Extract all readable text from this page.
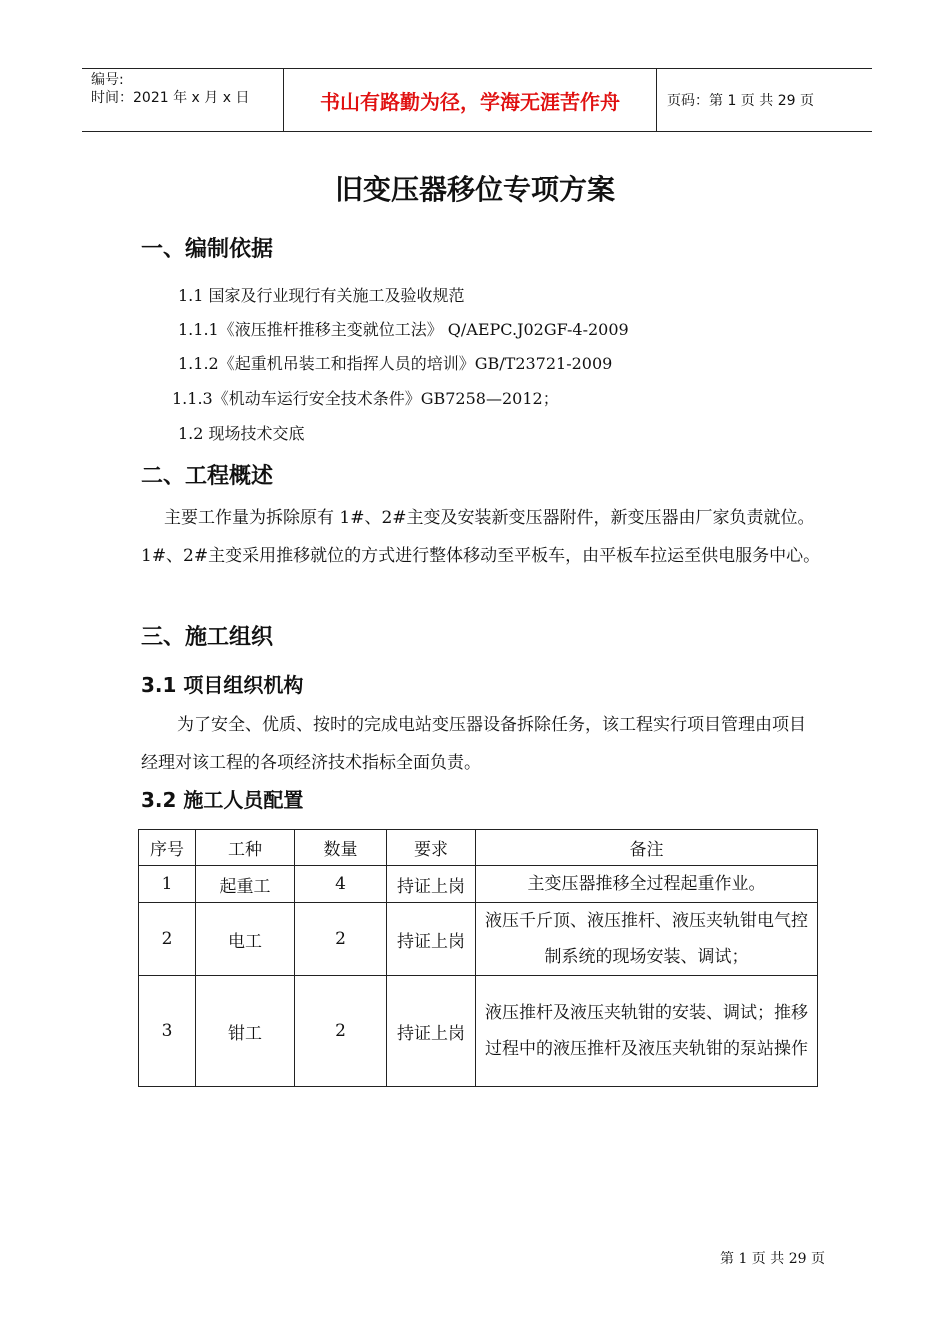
编号:
时间：2021 年 x 月 x 日	书山有路勤为径，学海无涯苦作舟	页码：第 1 页 共 29 页
旧变压器移位专项方案
一、编制依据
1.1 国家及行业现行有关施工及验收规范
1.1.1《液压推杆推移主变就位工法》 Q/AEPC.J02GF-4-2009
1.1.2《起重机吊装工和指挥人员的培训》GB/T23721-2009
1.1.3《机动车运行安全技术条件》GB7258—2012；
1.2 现场技术交底
二、工程概述
主要工作量为拆除原有 1#、2#主变及安装新变压器附件，新变压器由厂家负责就位。1#、2#主变采用推移就位的方式进行整体移动至平板车，由平板车拉运至供电服务中心。
三、施工组织
3.1 项目组织机构
为了安全、优质、按时的完成电站变压器设备拆除任务，该工程实行项目管理由项目经理对该工程的各项经济技术指标全面负责。
3.2 施工人员配置
序号	工种	数量	要求	备注
1	起重工	4	持证上岗	主变压器推移全过程起重作业。
2	电工	2	持证上岗	液压千斤顶、液压推杆、液压夹轨钳电气控制系统的现场安装、调试；
3	钳工	2	持证上岗	液压推杆及液压夹轨钳的安装、调试；推移过程中的液压推杆及液压夹轨钳的泵站操作
第 1 页 共 29 页
